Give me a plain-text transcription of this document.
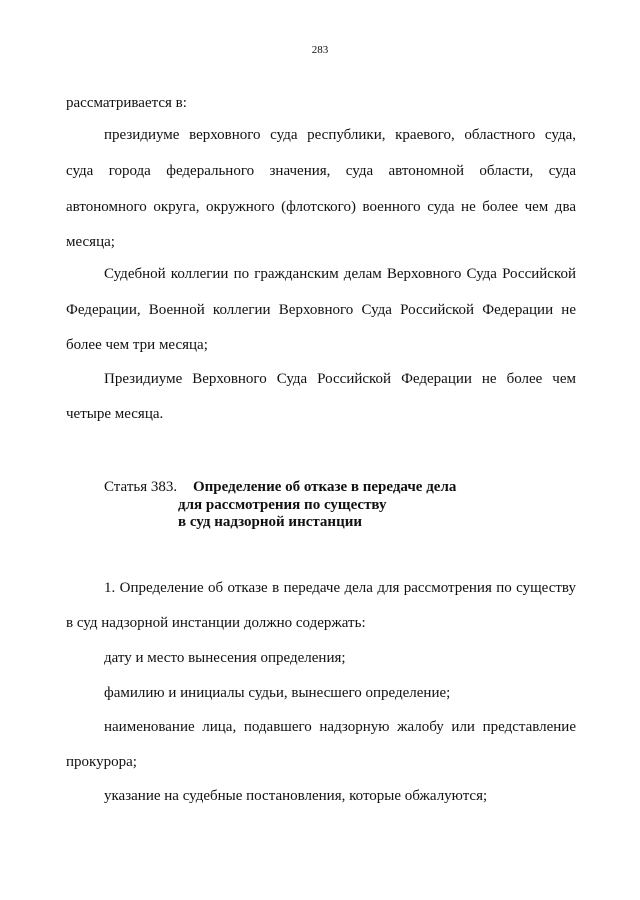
283
рассматривается в:
президиуме верховного суда республики, краевого, областного суда,
суда города федерального значения, суда автономной области, суда
автономного округа, окружного (флотского) военного суда не более чем два
месяца;
Судебной коллегии по гражданским делам Верховного Суда Российской
Федерации, Военной коллегии Верховного Суда Российской Федерации не
более чем три месяца;
Президиуме Верховного Суда Российской Федерации не более чем
четыре месяца.
Статья 383. Определение об отказе в передаче дела
для рассмотрения по существу
в суд надзорной инстанции
1. Определение об отказе в передаче дела для рассмотрения по существу
в суд надзорной инстанции должно содержать:
дату и место вынесения определения;
фамилию и инициалы судьи, вынесшего определение;
наименование лица, подавшего надзорную жалобу или представление
прокурора;
указание на судебные постановления, которые обжалуются;
